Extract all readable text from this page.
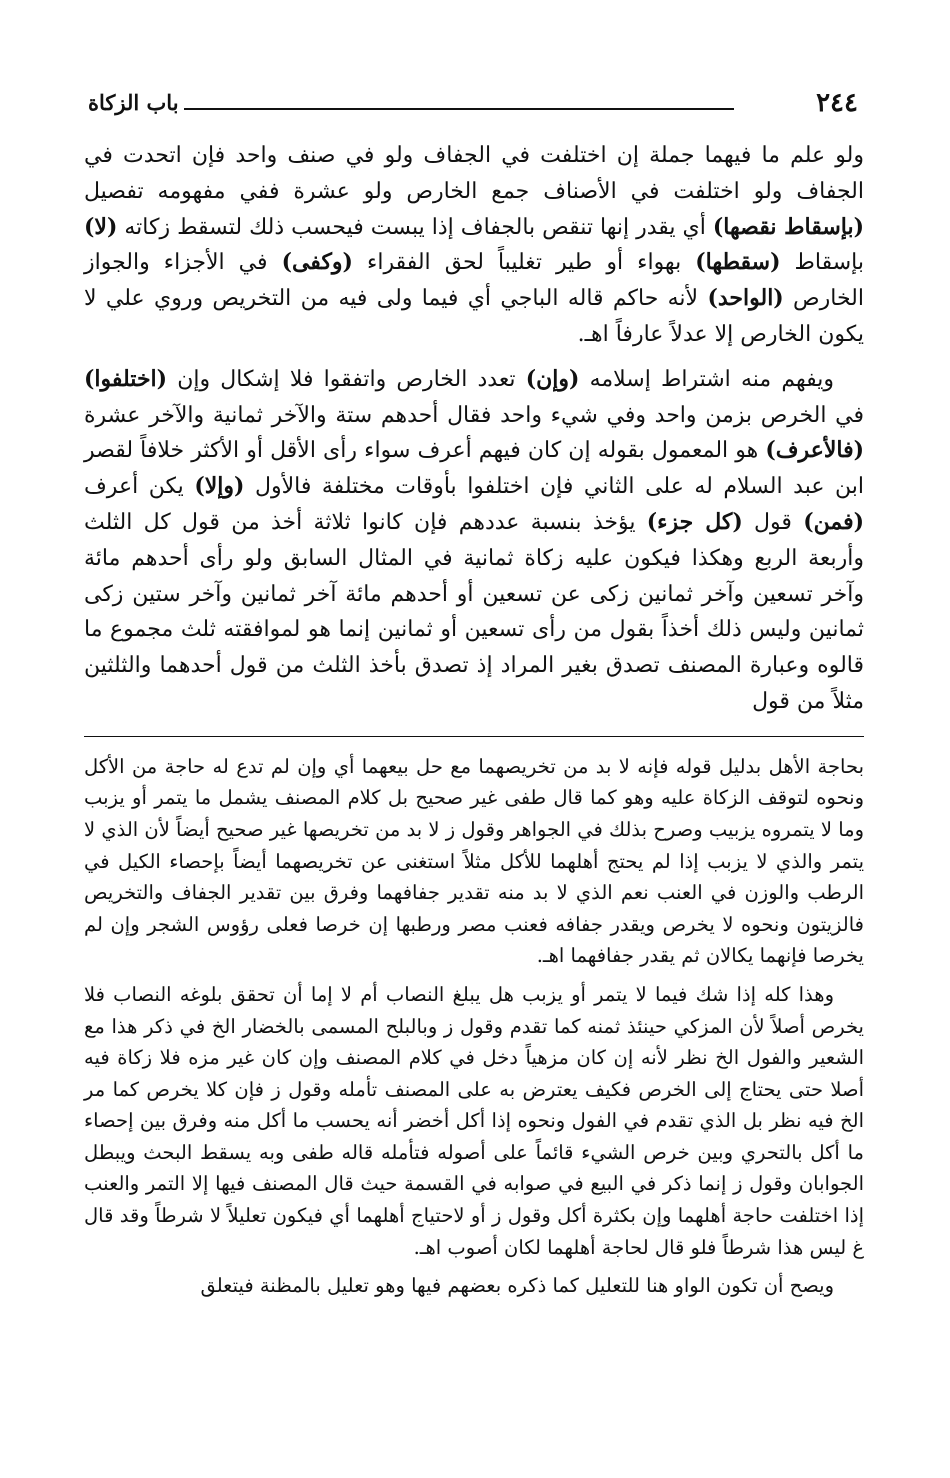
٢٤٤
باب الزكاة

ولو علم ما فيهما جملة إن اختلفت في الجفاف ولو في صنف واحد فإن اتحدت في الجفاف ولو اختلفت في الأصناف جمع الخارص ولو عشرة ففي مفهومه تفصيل (بإسقاط نقصها) أي يقدر إنها تنقص بالجفاف إذا يبست فيحسب ذلك لتسقط زكاته (لا) بإسقاط (سقطها) بهواء أو طير تغليباً لحق الفقراء (وكفى) في الأجزاء والجواز الخارص (الواحد) لأنه حاكم قاله الباجي أي فيما ولى فيه من التخريص وروي علي لا يكون الخارص إلا عدلاً عارفاً اهـ.

ويفهم منه اشتراط إسلامه (وإن) تعدد الخارص واتفقوا فلا إشكال وإن (اختلفوا) في الخرص بزمن واحد وفي شيء واحد فقال أحدهم ستة والآخر ثمانية والآخر عشرة (فالأعرف) هو المعمول بقوله إن كان فيهم أعرف سواء رأى الأقل أو الأكثر خلافاً لقصر ابن عبد السلام له على الثاني فإن اختلفوا بأوقات مختلفة فالأول (وإلا) يكن أعرف (فمن) قول (كل جزء) يؤخذ بنسبة عددهم فإن كانوا ثلاثة أخذ من قول كل الثلث وأربعة الربع وهكذا فيكون عليه زكاة ثمانية في المثال السابق ولو رأى أحدهم مائة وآخر تسعين وآخر ثمانين زكى عن تسعين أو أحدهم مائة آخر ثمانين وآخر ستين زكى ثمانين وليس ذلك أخذاً بقول من رأى تسعين أو ثمانين إنما هو لموافقته ثلث مجموع ما قالوه وعبارة المصنف تصدق بغير المراد إذ تصدق بأخذ الثلث من قول أحدهما والثلثين مثلاً من قول

بحاجة الأهل بدليل قوله فإنه لا بد من تخريصهما مع حل بيعهما أي وإن لم تدع له حاجة من الأكل ونحوه لتوقف الزكاة عليه وهو كما قال طفى غير صحيح بل كلام المصنف يشمل ما يتمر أو يزبب وما لا يتمروه يزبيب وصرح بذلك في الجواهر وقول ز لا بد من تخريصها غير صحيح أيضاً لأن الذي لا يتمر والذي لا يزبب إذا لم يحتج أهلهما للأكل مثلاً استغنى عن تخريصهما أيضاً بإحصاء الكيل في الرطب والوزن في العنب نعم الذي لا بد منه تقدير جفافهما وفرق بين تقدير الجفاف والتخريص فالزيتون ونحوه لا يخرص ويقدر جفافه فعنب مصر ورطبها إن خرصا فعلى رؤوس الشجر وإن لم يخرصا فإنهما يكالان ثم يقدر جفافهما اهـ.

وهذا كله إذا شك فيما لا يتمر أو يزبب هل يبلغ النصاب أم لا إما أن تحقق بلوغه النصاب فلا يخرص أصلاً لأن المزكي حينئذ ثمنه كما تقدم وقول ز وبالبلح المسمى بالخضار الخ في ذكر هذا مع الشعير والفول الخ نظر لأنه إن كان مزهياً دخل في كلام المصنف وإن كان غير مزه فلا زكاة فيه أصلا حتى يحتاج إلى الخرص فكيف يعترض به على المصنف تأمله وقول ز فإن كلا يخرص كما مر الخ فيه نظر بل الذي تقدم في الفول ونحوه إذا أكل أخضر أنه يحسب ما أكل منه وفرق بين إحصاء ما أكل بالتحري وبين خرص الشيء قائماً على أصوله فتأمله قاله طفى وبه يسقط البحث ويبطل الجوابان وقول ز إنما ذكر في البيع في صوابه في القسمة حيث قال المصنف فيها إلا التمر والعنب إذا اختلفت حاجة أهلهما وإن بكثرة أكل وقول ز أو لاحتياج أهلهما أي فيكون تعليلاً لا شرطاً وقد قال غ ليس هذا شرطاً فلو قال لحاجة أهلهما لكان أصوب اهـ.

ويصح أن تكون الواو هنا للتعليل كما ذكره بعضهم فيها وهو تعليل بالمظنة فيتعلق
